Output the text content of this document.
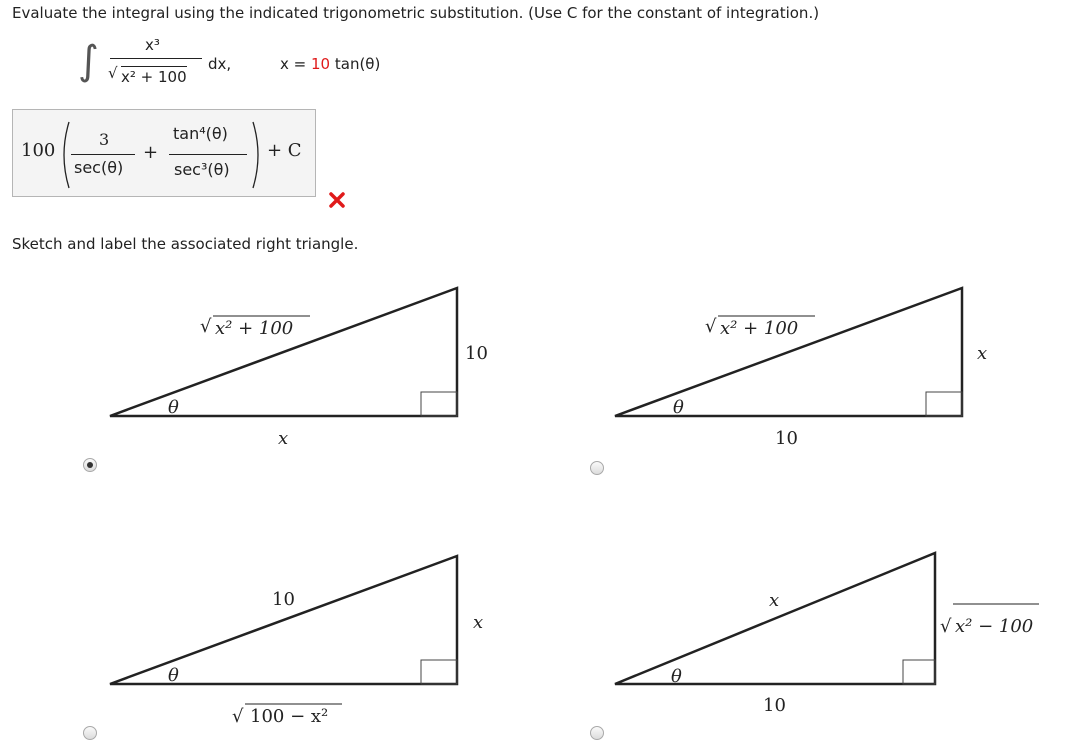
Evaluate the integral using the indicated trigonometric substitution. (Use C for the constant of integration.)
∫	x³
√ x² + 100
dx,	x = 10 tan(θ)
100
3
sec(θ)
+
tan⁴(θ)
sec³(θ)
+ C
Sketch and label the associated right triangle.
√ x² + 100
10
x
θ
√ x² + 100
x
10
θ
10
x
θ
√ 100 − x²
x
√ x² − 100
10
θ
